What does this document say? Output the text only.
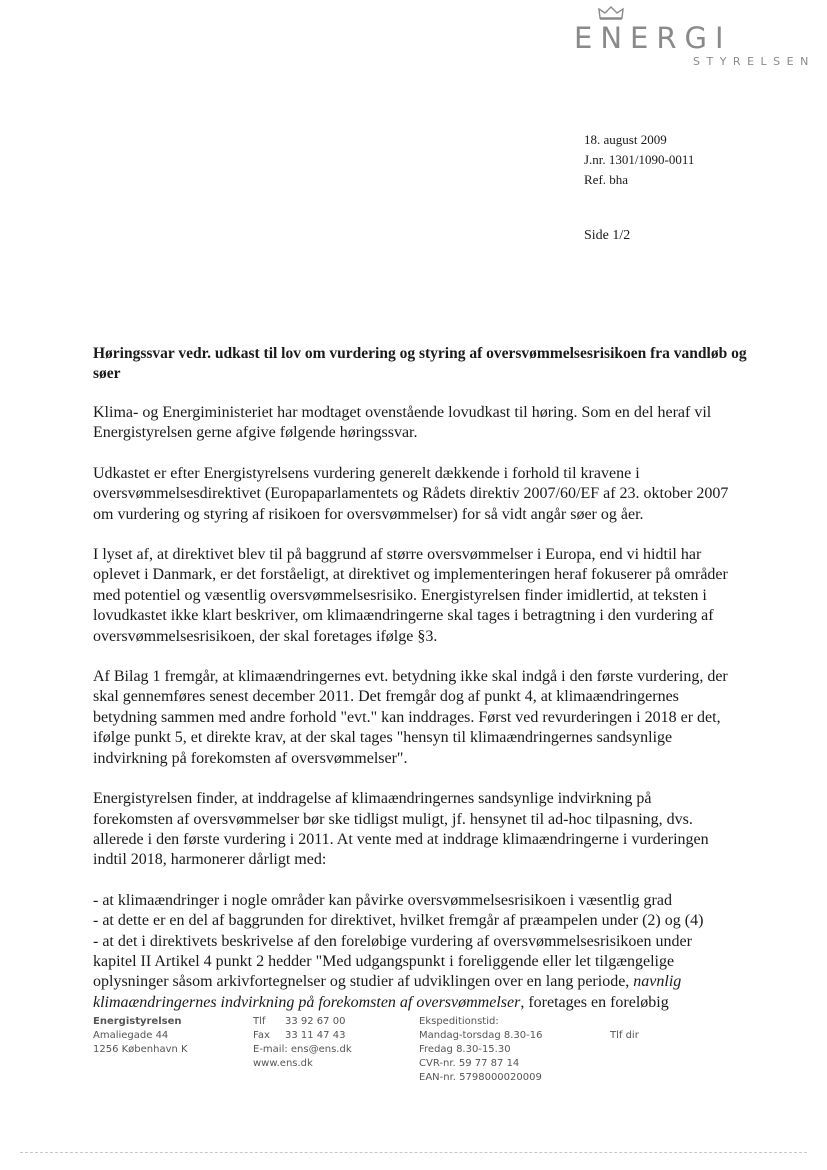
ENERGI
STYRELSEN
18. august 2009
J.nr. 1301/1090-0011
Ref. bha
Side 1/2
Høringssvar vedr. udkast til lov om vurdering og styring af oversvømmelsesrisikoen fra vandløb og søer

Klima- og Energiministeriet har modtaget ovenstående lovudkast til høring. Som en del heraf vil Energistyrelsen gerne afgive følgende høringssvar.

Udkastet er efter Energistyrelsens vurdering generelt dækkende i forhold til kravene i oversvømmelsesdirektivet (Europaparlamentets og Rådets direktiv 2007/60/EF af 23. oktober 2007 om vurdering og styring af risikoen for oversvømmelser) for så vidt angår søer og åer.

I lyset af, at direktivet blev til på baggrund af større oversvømmelser i Europa, end vi hidtil har oplevet i Danmark, er det forståeligt, at direktivet og implementeringen heraf fokuserer på områder med potentiel og væsentlig oversvømmelsesrisiko. Energistyrelsen finder imidlertid, at teksten i lovudkastet ikke klart beskriver, om klimaændringerne skal tages i betragtning i den vurdering af oversvømmelsesrisikoen, der skal foretages ifølge §3.

Af Bilag 1 fremgår, at klimaændringernes evt. betydning ikke skal indgå i den første vurdering, der skal gennemføres senest december 2011. Det fremgår dog af punkt 4, at klimaændringernes betydning sammen med andre forhold "evt." kan inddrages. Først ved revurderingen i 2018 er det, ifølge punkt 5, et direkte krav, at der skal tages "hensyn til klimaændringernes sandsynlige indvirkning på forekomsten af oversvømmelser".

Energistyrelsen finder, at inddragelse af klimaændringernes sandsynlige indvirkning på forekomsten af oversvømmelser bør ske tidligst muligt, jf. hensynet til ad-hoc tilpasning, dvs. allerede i den første vurdering i 2011. At vente med at inddrage klimaændringerne i vurderingen indtil 2018, harmonerer dårligt med:

- at klimaændringer i nogle områder kan påvirke oversvømmelsesrisikoen i væsentlig grad

- at dette er en del af baggrunden for direktivet, hvilket fremgår af præampelen under (2) og (4)

- at det i direktivets beskrivelse af den foreløbige vurdering af oversvømmelsesrisikoen under kapitel II Artikel 4 punkt 2 hedder "Med udgangspunkt i foreliggende eller let tilgængelige oplysninger såsom arkivfortegnelser og studier af udviklingen over en lang periode, navnlig klimaændringernes indvirkning på forekomsten af oversvømmelser, foretages en foreløbig

Energistyrelsen
Amaliegade 44
1256 København K
Tlf 33 92 67 00
Fax 33 11 47 43
E-mail: ens@ens.dk
www.ens.dk
Ekspeditionstid:
Mandag-torsdag 8.30-16
Fredag 8.30-15.30
CVR-nr. 59 77 87 14
EAN-nr. 5798000020009

Tlf dir
